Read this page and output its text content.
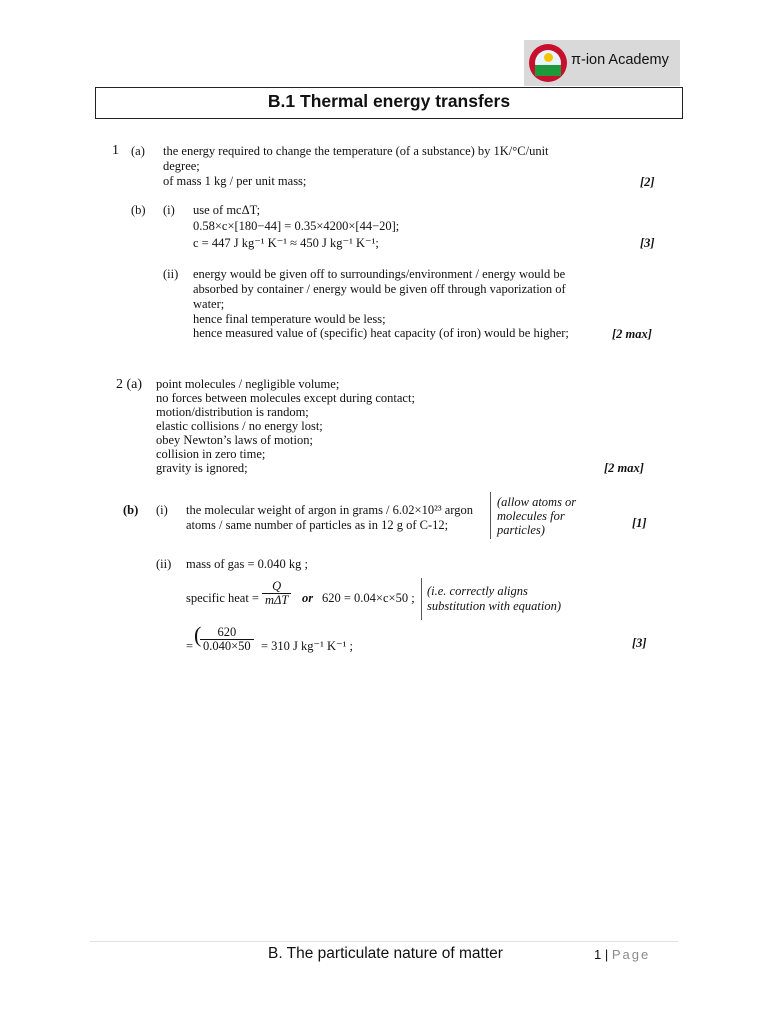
π-ion Academy
B.1 Thermal energy transfers
1 (a) the energy required to change the temperature (of a substance) by 1K/°C/unit
degree;
of mass 1 kg / per unit mass;	[2]
(b) (i) use of mcΔT;
0.58×c×[180−44] = 0.35×4200×[44−20];
c = 447 J kg⁻¹ K⁻¹ ≈ 450 J kg⁻¹ K⁻¹;	[3]
(ii) energy would be given off to surroundings/environment / energy would be
absorbed by container / energy would be given off through vaporization of
water;
hence final temperature would be less;
hence measured value of (specific) heat capacity (of iron) would be higher;	[2 max]
2 (a) point molecules / negligible volume;
no forces between molecules except during contact;
motion/distribution is random;
elastic collisions / no energy lost;
obey Newton’s laws of motion;
collision in zero time;
gravity is ignored;	[2 max]
(b) (i) the molecular weight of argon in grams / 6.02×10²³ argon
atoms / same number of particles as in 12 g of C-12;
(allow atoms or
molecules for
particles)	[1]
(ii) mass of gas = 0.040 kg ;
specific heat = $\frac{Q}{\text{mΔT}}$ or 620 = 0.04×c×50 ; (i.e. correctly aligns
substitution with equation)
= (
$\frac{620}{0.040\times 50} = 310$ J kg⁻¹ K⁻¹ ;	[3]
B. The particulate nature of matter	1 | Page
